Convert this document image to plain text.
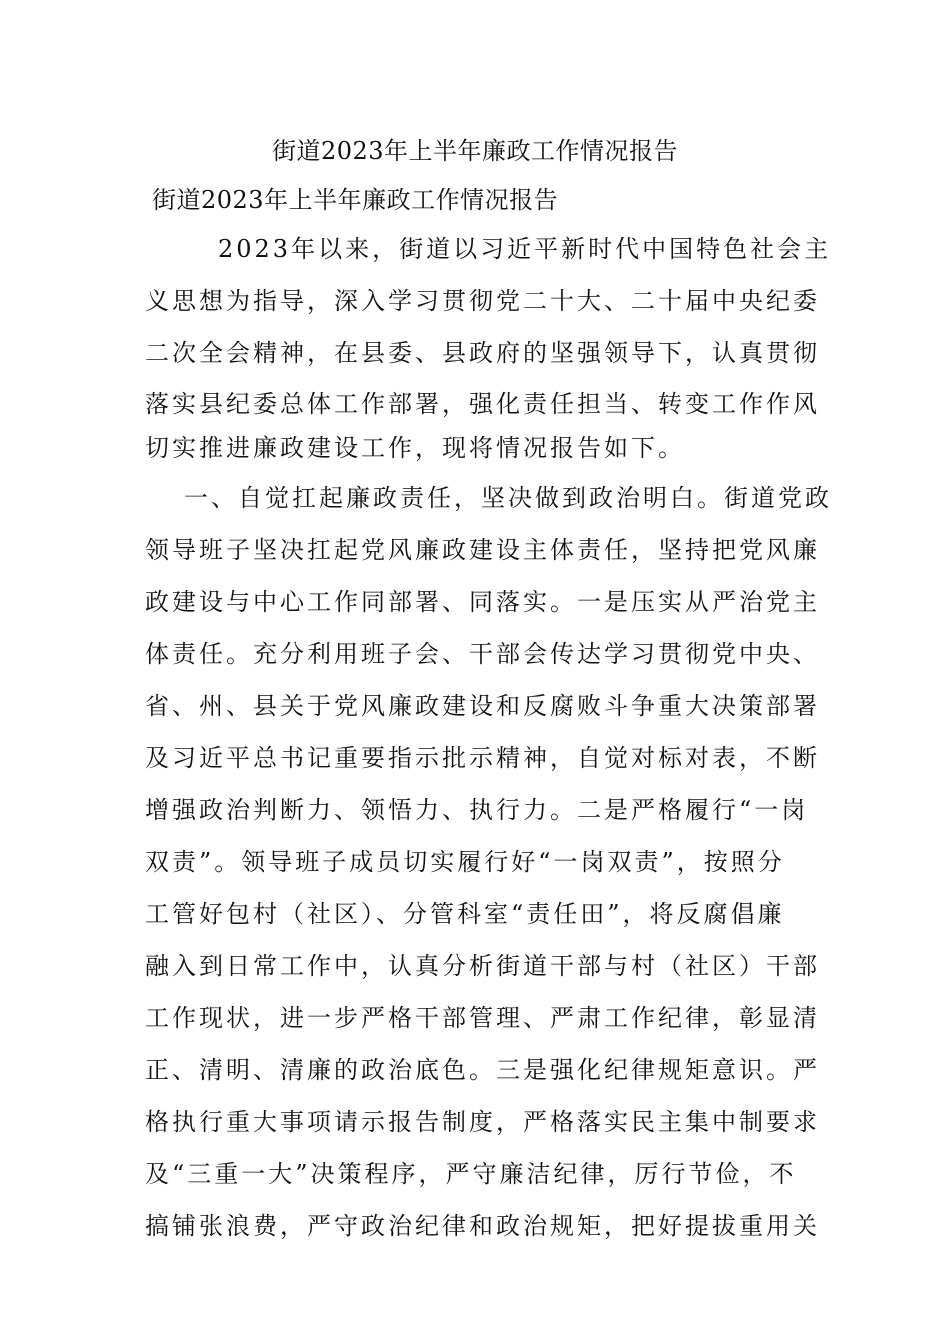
街道2023年上半年廉政工作情况报告
街道2023年上半年廉政工作情况报告
2023年以来，街道以习近平新时代中国特色社会主
义思想为指导，深入学习贯彻党二十大、二十届中央纪委
二次全会精神，在县委、县政府的坚强领导下，认真贯彻
落实县纪委总体工作部署，强化责任担当、转变工作作风
切实推进廉政建设工作，现将情况报告如下。
一、自觉扛起廉政责任，坚决做到政治明白。街道党政
领导班子坚决扛起党风廉政建设主体责任，坚持把党风廉
政建设与中心工作同部署、同落实。一是压实从严治党主
体责任。充分利用班子会、干部会传达学习贯彻党中央、
省、州、县关于党风廉政建设和反腐败斗争重大决策部署
及习近平总书记重要指示批示精神，自觉对标对表，不断
增强政治判断力、领悟力、执行力。二是严格履行“一岗
双责”。领导班子成员切实履行好“一岗双责”，按照分
工管好包村（社区）、分管科室“责任田”，将反腐倡廉
融入到日常工作中，认真分析街道干部与村（社区）干部
工作现状，进一步严格干部管理、严肃工作纪律，彰显清
正、清明、清廉的政治底色。三是强化纪律规矩意识。严
格执行重大事项请示报告制度，严格落实民主集中制要求
及“三重一大”决策程序，严守廉洁纪律，厉行节俭，不
搞铺张浪费，严守政治纪律和政治规矩，把好提拔重用关
